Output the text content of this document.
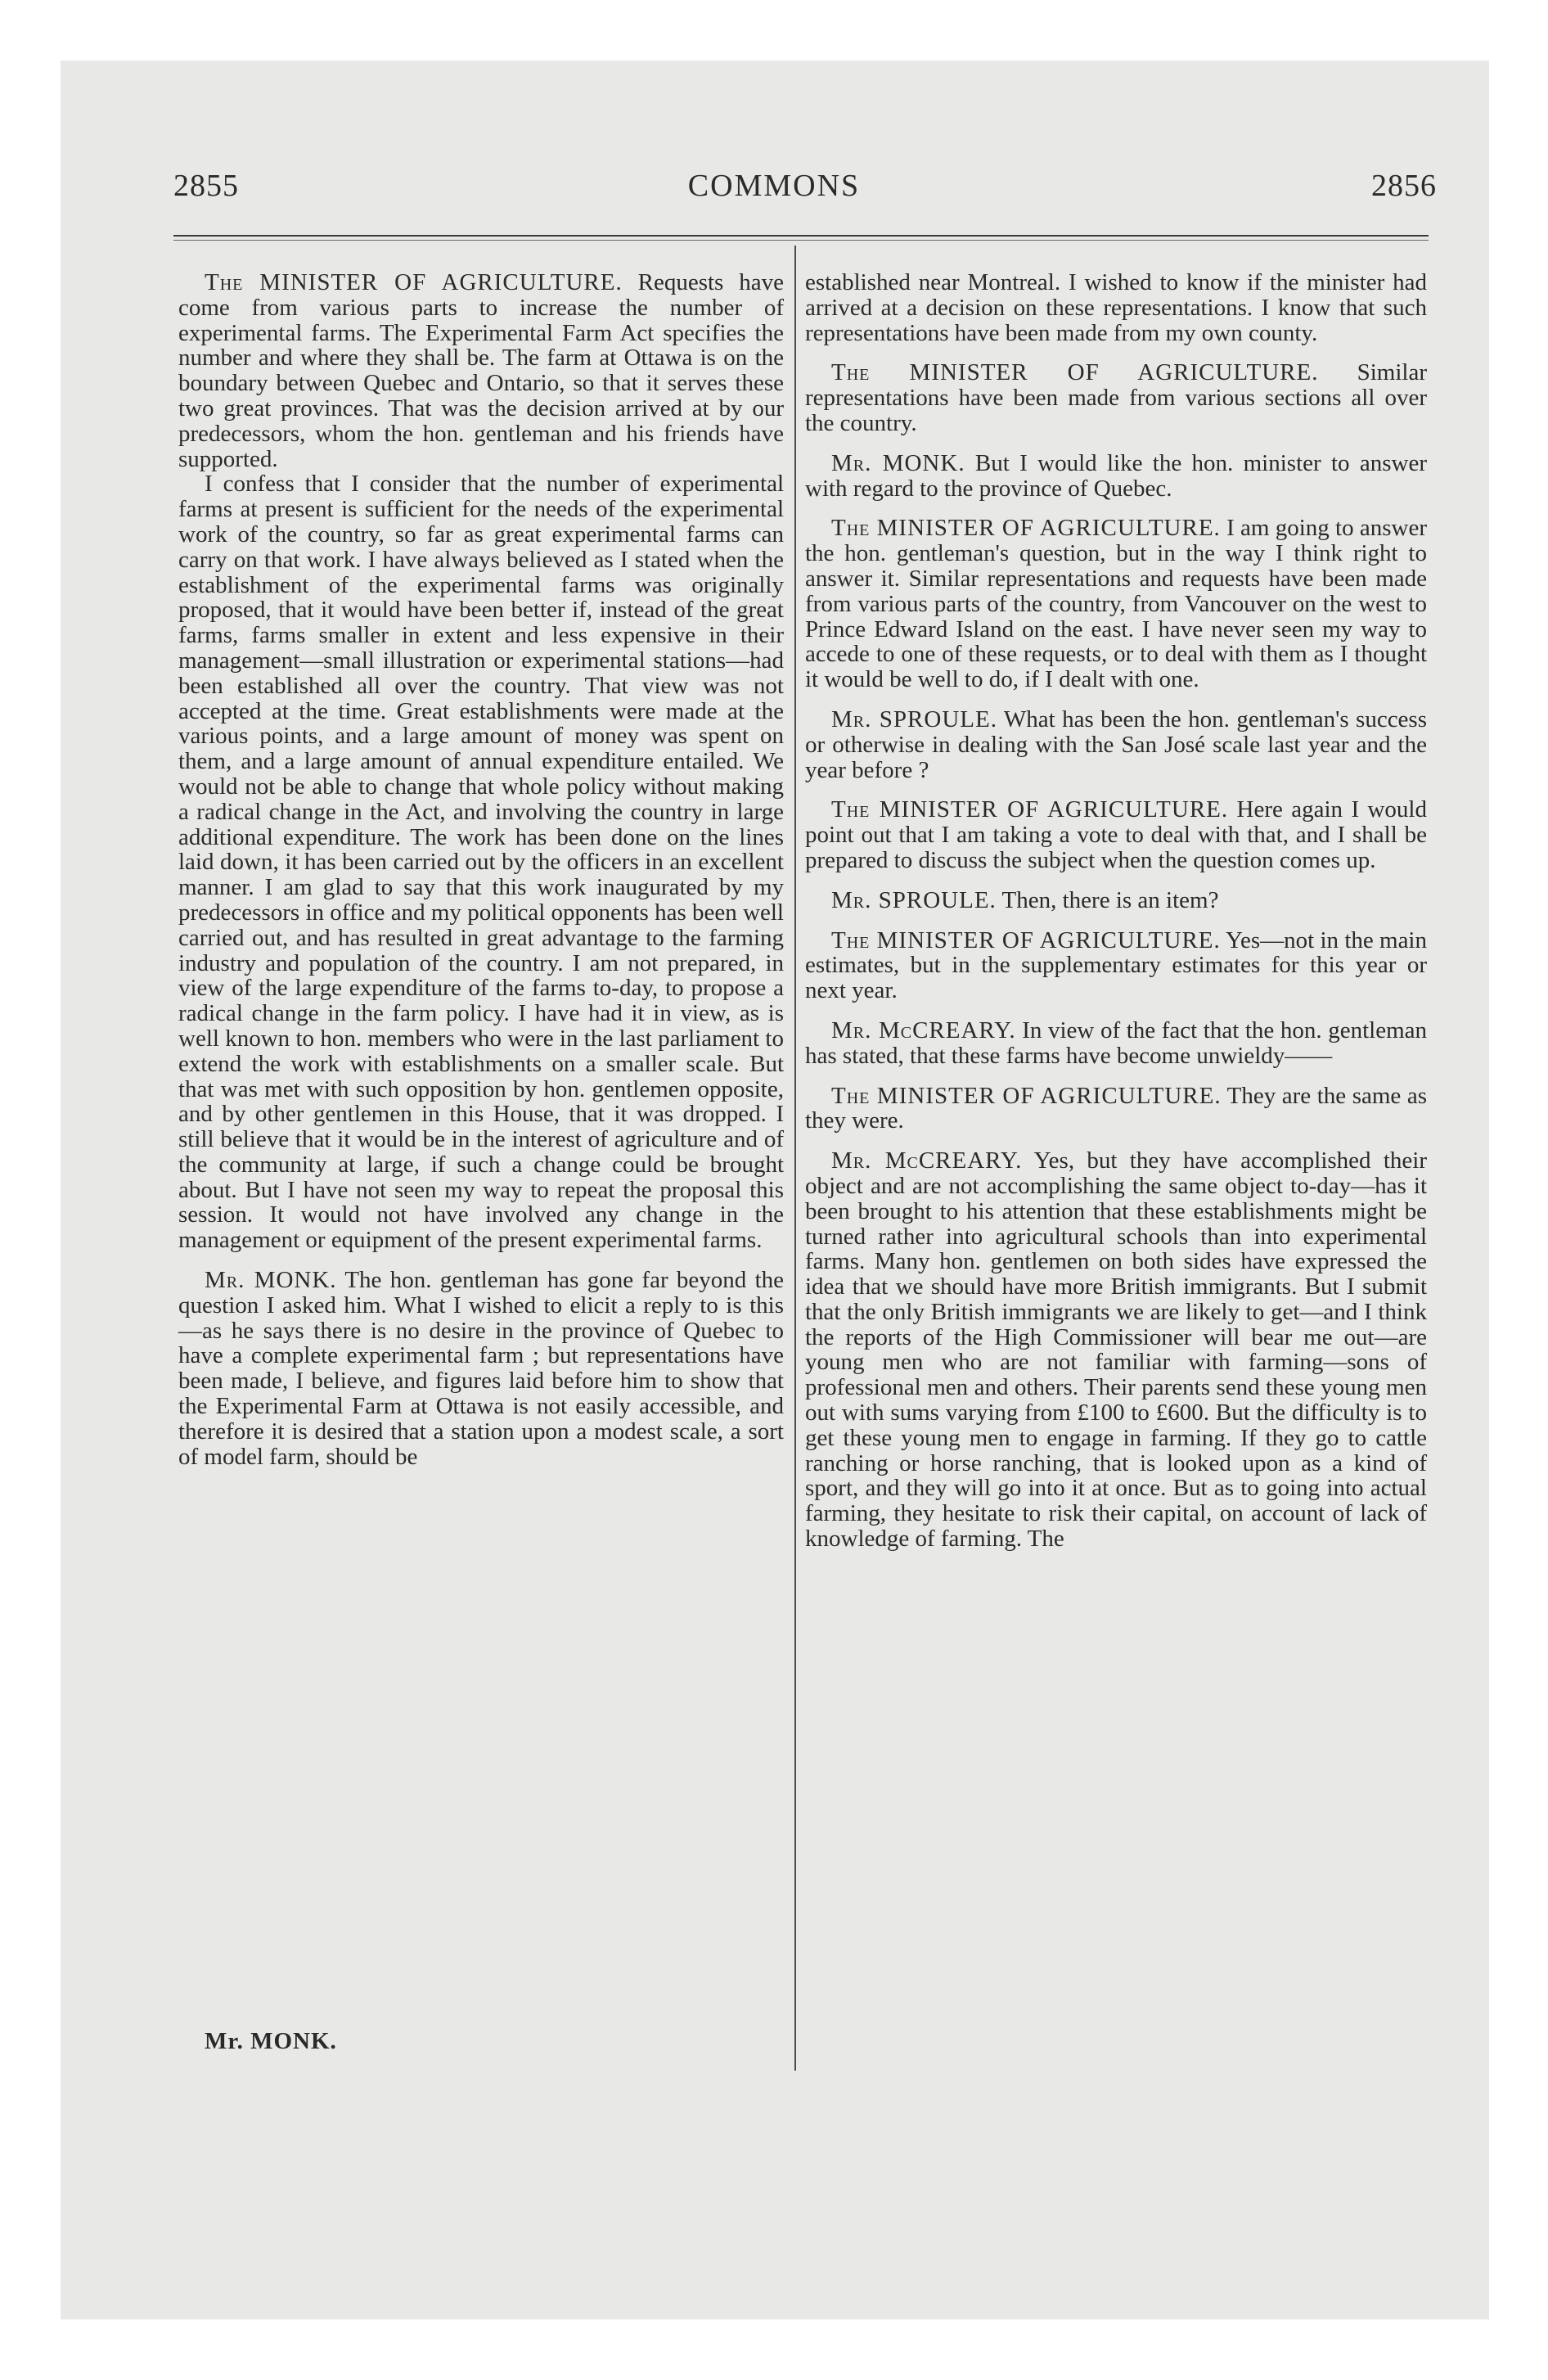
2855	COMMONS	2856

The MINISTER OF AGRICULTURE. Requests have come from various parts to increase the number of experimental farms. The Experimental Farm Act specifies the number and where they shall be. The farm at Ottawa is on the boundary between Quebec and Ontario, so that it serves these two great provinces. That was the decision arrived at by our predecessors, whom the hon. gentleman and his friends have supported.

I confess that I consider that the number of experimental farms at present is sufficient for the needs of the experimental work of the country, so far as great experimental farms can carry on that work. I have always believed as I stated when the establishment of the experimental farms was originally proposed, that it would have been better if, instead of the great farms, farms smaller in extent and less expensive in their management—small illustration or experimental stations—had been established all over the country. That view was not accepted at the time. Great establishments were made at the various points, and a large amount of money was spent on them, and a large amount of annual expenditure entailed. We would not be able to change that whole policy without making a radical change in the Act, and involving the country in large additional expenditure. The work has been done on the lines laid down, it has been carried out by the officers in an excellent manner. I am glad to say that this work inaugurated by my predecessors in office and my political opponents has been well carried out, and has resulted in great advantage to the farming industry and population of the country. I am not prepared, in view of the large expenditure of the farms to-day, to propose a radical change in the farm policy. I have had it in view, as is well known to hon. members who were in the last parliament to extend the work with establishments on a smaller scale. But that was met with such opposition by hon. gentlemen opposite, and by other gentlemen in this House, that it was dropped. I still believe that it would be in the interest of agriculture and of the community at large, if such a change could be brought about. But I have not seen my way to repeat the proposal this session. It would not have involved any change in the management or equipment of the present experimental farms.

Mr. MONK. The hon. gentleman has gone far beyond the question I asked him. What I wished to elicit a reply to is this—as he says there is no desire in the province of Quebec to have a complete experimental farm ; but representations have been made, I believe, and figures laid before him to show that the Experimental Farm at Ottawa is not easily accessible, and therefore it is desired that a station upon a modest scale, a sort of model farm, should be

established near Montreal. I wished to know if the minister had arrived at a decision on these representations. I know that such representations have been made from my own county.

The MINISTER OF AGRICULTURE. Similar representations have been made from various sections all over the country.

Mr. MONK. But I would like the hon. minister to answer with regard to the province of Quebec.

The MINISTER OF AGRICULTURE. I am going to answer the hon. gentleman's question, but in the way I think right to answer it. Similar representations and requests have been made from various parts of the country, from Vancouver on the west to Prince Edward Island on the east. I have never seen my way to accede to one of these requests, or to deal with them as I thought it would be well to do, if I dealt with one.

Mr. SPROULE. What has been the hon. gentleman's success or otherwise in dealing with the San José scale last year and the year before ?

The MINISTER OF AGRICULTURE. Here again I would point out that I am taking a vote to deal with that, and I shall be prepared to discuss the subject when the question comes up.

Mr. SPROULE. Then, there is an item?

The MINISTER OF AGRICULTURE. Yes—not in the main estimates, but in the supplementary estimates for this year or next year.

Mr. McCREARY. In view of the fact that the hon. gentleman has stated, that these farms have become unwieldy——

The MINISTER OF AGRICULTURE. They are the same as they were.

Mr. McCREARY. Yes, but they have accomplished their object and are not accomplishing the same object to-day—has it been brought to his attention that these establishments might be turned rather into agricultural schools than into experimental farms. Many hon. gentlemen on both sides have expressed the idea that we should have more British immigrants. But I submit that the only British immigrants we are likely to get—and I think the reports of the High Commissioner will bear me out—are young men who are not familiar with farming—sons of professional men and others. Their parents send these young men out with sums varying from £100 to £600. But the difficulty is to get these young men to engage in farming. If they go to cattle ranching or horse ranching, that is looked upon as a kind of sport, and they will go into it at once. But as to going into actual farming, they hesitate to risk their capital, on account of lack of knowledge of farming. The

Mr. MONK.
